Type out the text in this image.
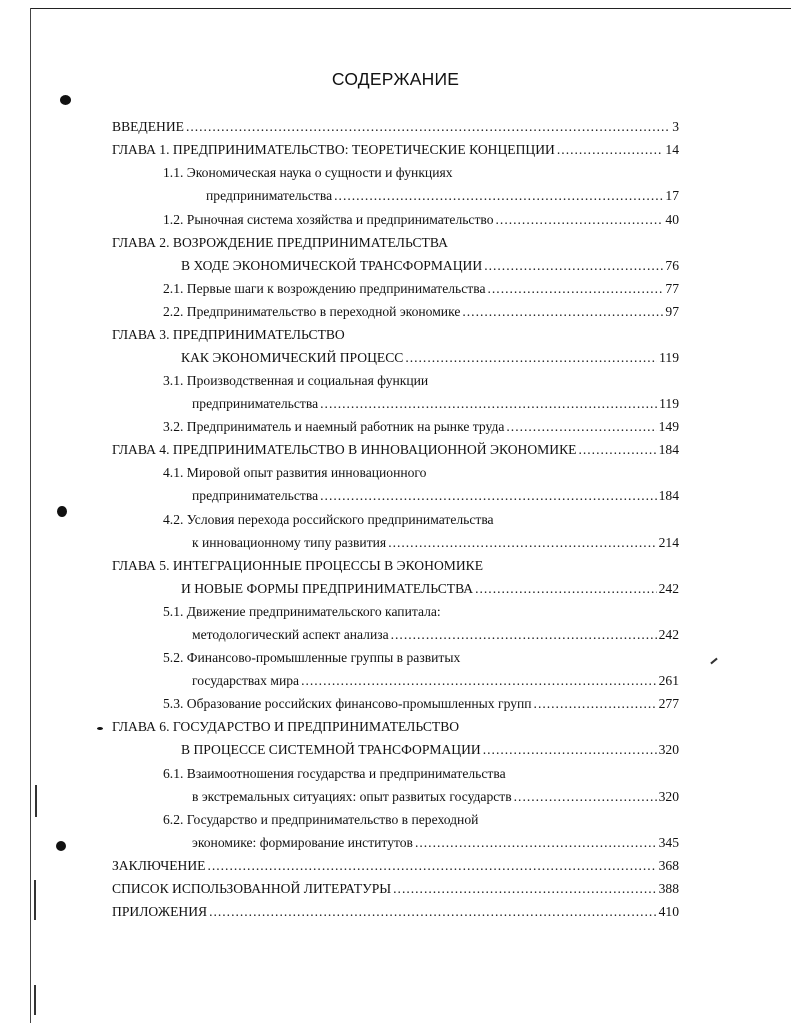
СОДЕРЖАНИЕ
ВВЕДЕНИЕ .....	3
ГЛАВА 1. ПРЕДПРИНИМАТЕЛЬСТВО: ТЕОРЕТИЧЕСКИЕ КОНЦЕПЦИИ .....	14
1.1. Экономическая наука о сущности и функциях
предпринимательства .....	17
1.2. Рыночная система хозяйства и предпринимательство .....	40
ГЛАВА 2. ВОЗРОЖДЕНИЕ ПРЕДПРИНИМАТЕЛЬСТВА
В ХОДЕ ЭКОНОМИЧЕСКОЙ ТРАНСФОРМАЦИИ .....	76
2.1. Первые шаги к возрождению предпринимательства .....	77
2.2. Предпринимательство в переходной экономике .....	97
ГЛАВА 3. ПРЕДПРИНИМАТЕЛЬСТВО
КАК ЭКОНОМИЧЕСКИЙ ПРОЦЕСС .....	119
3.1. Производственная и социальная функции
предпринимательства .....	119
3.2. Предприниматель и наемный работник на рынке труда .....	149
ГЛАВА 4. ПРЕДПРИНИМАТЕЛЬСТВО В ИННОВАЦИОННОЙ ЭКОНОМИКЕ .....	184
4.1. Мировой опыт развития инновационного
предпринимательства .....	184
4.2. Условия перехода российского предпринимательства
к инновационному типу развития .....	214
ГЛАВА 5. ИНТЕГРАЦИОННЫЕ ПРОЦЕССЫ В ЭКОНОМИКЕ
И НОВЫЕ ФОРМЫ ПРЕДПРИНИМАТЕЛЬСТВА .....	242
5.1. Движение предпринимательского капитала:
методологический аспект анализа .....	242
5.2. Финансово-промышленные группы в развитых
государствах мира .....	261
5.3. Образование российских финансово-промышленных групп .....	277
ГЛАВА 6. ГОСУДАРСТВО И ПРЕДПРИНИМАТЕЛЬСТВО
В ПРОЦЕССЕ СИСТЕМНОЙ ТРАНСФОРМАЦИИ .....	320
6.1. Взаимоотношения государства и предпринимательства
в экстремальных ситуациях: опыт развитых государств .....	320
6.2. Государство и предпринимательство в переходной
экономике: формирование институтов .....	345
ЗАКЛЮЧЕНИЕ .....	368
СПИСОК ИСПОЛЬЗОВАННОЙ ЛИТЕРАТУРЫ .....	388
ПРИЛОЖЕНИЯ .....	410
